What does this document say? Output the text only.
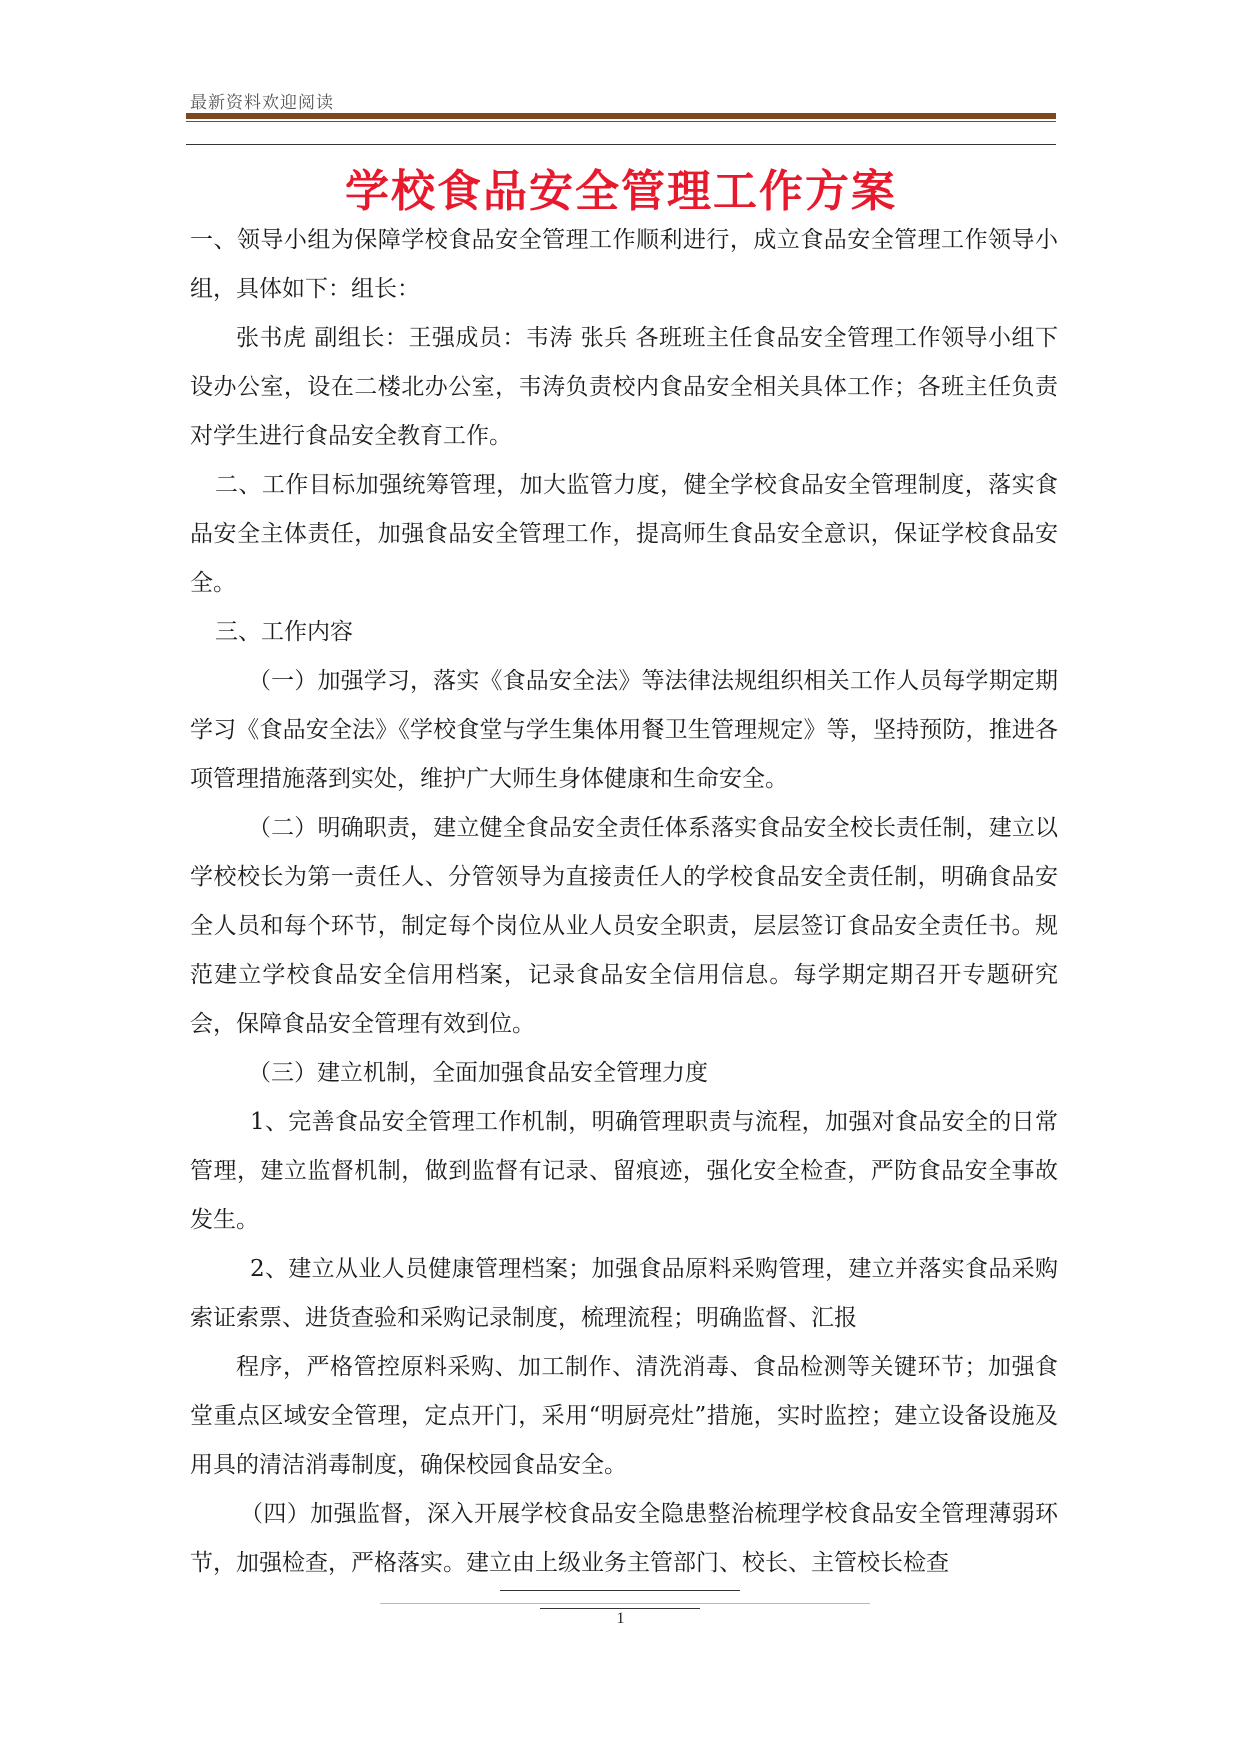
最新资料欢迎阅读
学校食品安全管理工作方案

一、领导小组为保障学校食品安全管理工作顺利进行，成立食品安全管理工作领导小组，具体如下：组长：

张书虎 副组长：王强成员：韦涛 张兵 各班班主任食品安全管理工作领导小组下设办公室，设在二楼北办公室，韦涛负责校内食品安全相关具体工作；各班主任负责对学生进行食品安全教育工作。

二、工作目标加强统筹管理，加大监管力度，健全学校食品安全管理制度，落实食品安全主体责任，加强食品安全管理工作，提高师生食品安全意识，保证学校食品安全。

三、工作内容

（一）加强学习，落实《食品安全法》等法律法规组织相关工作人员每学期定期学习《食品安全法》《学校食堂与学生集体用餐卫生管理规定》等，坚持预防，推进各项管理措施落到实处，维护广大师生身体健康和生命安全。

（二）明确职责，建立健全食品安全责任体系落实食品安全校长责任制，建立以学校校长为第一责任人、分管领导为直接责任人的学校食品安全责任制，明确食品安全人员和每个环节，制定每个岗位从业人员安全职责，层层签订食品安全责任书。规范建立学校食品安全信用档案，记录食品安全信用信息。每学期定期召开专题研究会，保障食品安全管理有效到位。

（三）建立机制，全面加强食品安全管理力度

1、完善食品安全管理工作机制，明确管理职责与流程，加强对食品安全的日常管理，建立监督机制，做到监督有记录、留痕迹，强化安全检查，严防食品安全事故发生。

2、建立从业人员健康管理档案；加强食品原料采购管理，建立并落实食品采购索证索票、进货查验和采购记录制度，梳理流程；明确监督、汇报

程序，严格管控原料采购、加工制作、清洗消毒、食品检测等关键环节；加强食堂重点区域安全管理，定点开门，采用“明厨亮灶”措施，实时监控；建立设备设施及用具的清洁消毒制度，确保校园食品安全。

（四）加强监督，深入开展学校食品安全隐患整治梳理学校食品安全管理薄弱环节，加强检查，严格落实。建立由上级业务主管部门、校长、主管校长检查

1
